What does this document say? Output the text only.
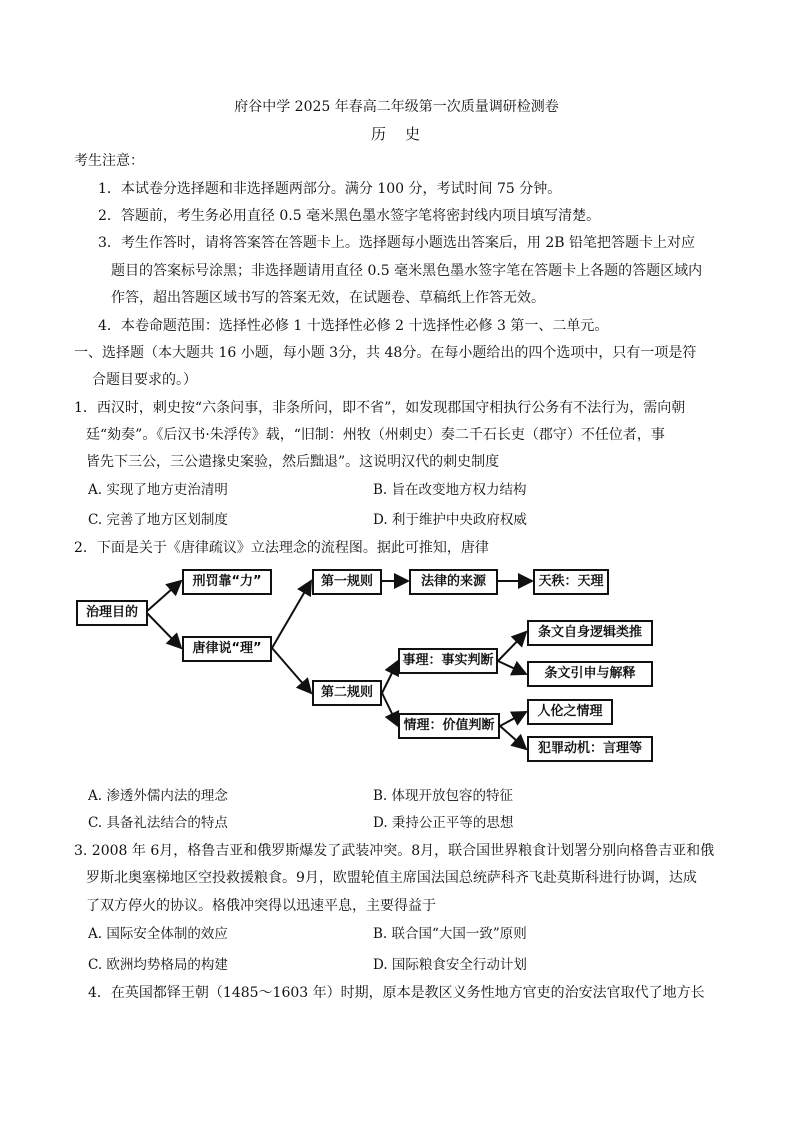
府谷中学 2025 年春高二年级第一次质量调研检测卷
历　史
考生注意：
1．本试卷分选择题和非选择题两部分。满分 100 分，考试时间 75 分钟。
2．答题前，考生务必用直径 0.5 毫米黑色墨水签字笔将密封线内项目填写清楚。
3．考生作答时，请将答案答在答题卡上。选择题每小题选出答案后，用 2B 铅笔把答题卡上对应
题目的答案标号涂黑；非选择题请用直径 0.5 毫米黑色墨水签字笔在答题卡上各题的答题区域内
作答，超出答题区域书写的答案无效，在试题卷、草稿纸上作答无效。
4．本卷命题范围：选择性必修 1 十选择性必修 2 十选择性必修 3 第一、二单元。
一、选择题（本大题共 16 小题，每小题 3分，共 48分。在每小题给出的四个选项中，只有一项是符
合题目要求的。）
1．西汉时，刺史按“六条问事，非条所问，即不省”，如发现郡国守相执行公务有不法行为，需向朝
廷“劾奏”。《后汉书·朱浮传》载，“旧制：州牧（州刺史）奏二千石长吏（郡守）不任位者，事
皆先下三公，三公遣掾史案验，然后黜退”。这说明汉代的刺史制度
A. 实现了地方吏治清明	B. 旨在改变地方权力结构
C. 完善了地方区划制度	D. 利于维护中央政府权威
2．下面是关于《唐律疏议》立法理念的流程图。据此可推知，唐律
治理目的
刑罚靠“力”
唐律说“理”
第一规则
第二规则
法律的来源	天秩：天理
事理：事实判断
情理：价值判断
条文自身逻辑类推
条文引申与解释
人伦之情理
犯罪动机：言理等
A. 渗透外儒内法的理念	B. 体现开放包容的特征
C. 具备礼法结合的特点	D. 秉持公正平等的思想
3. 2008 年 6月，格鲁吉亚和俄罗斯爆发了武装冲突。8月，联合国世界粮食计划署分别向格鲁吉亚和俄
罗斯北奥塞梯地区空投救援粮食。9月，欧盟轮值主席国法国总统萨科齐飞赴莫斯科进行协调，达成
了双方停火的协议。格俄冲突得以迅速平息，主要得益于
A. 国际安全体制的效应	B. 联合国“大国一致”原则
C. 欧洲均势格局的构建	D. 国际粮食安全行动计划
4．在英国都铎王朝（1485～1603 年）时期，原本是教区义务性地方官吏的治安法官取代了地方长
